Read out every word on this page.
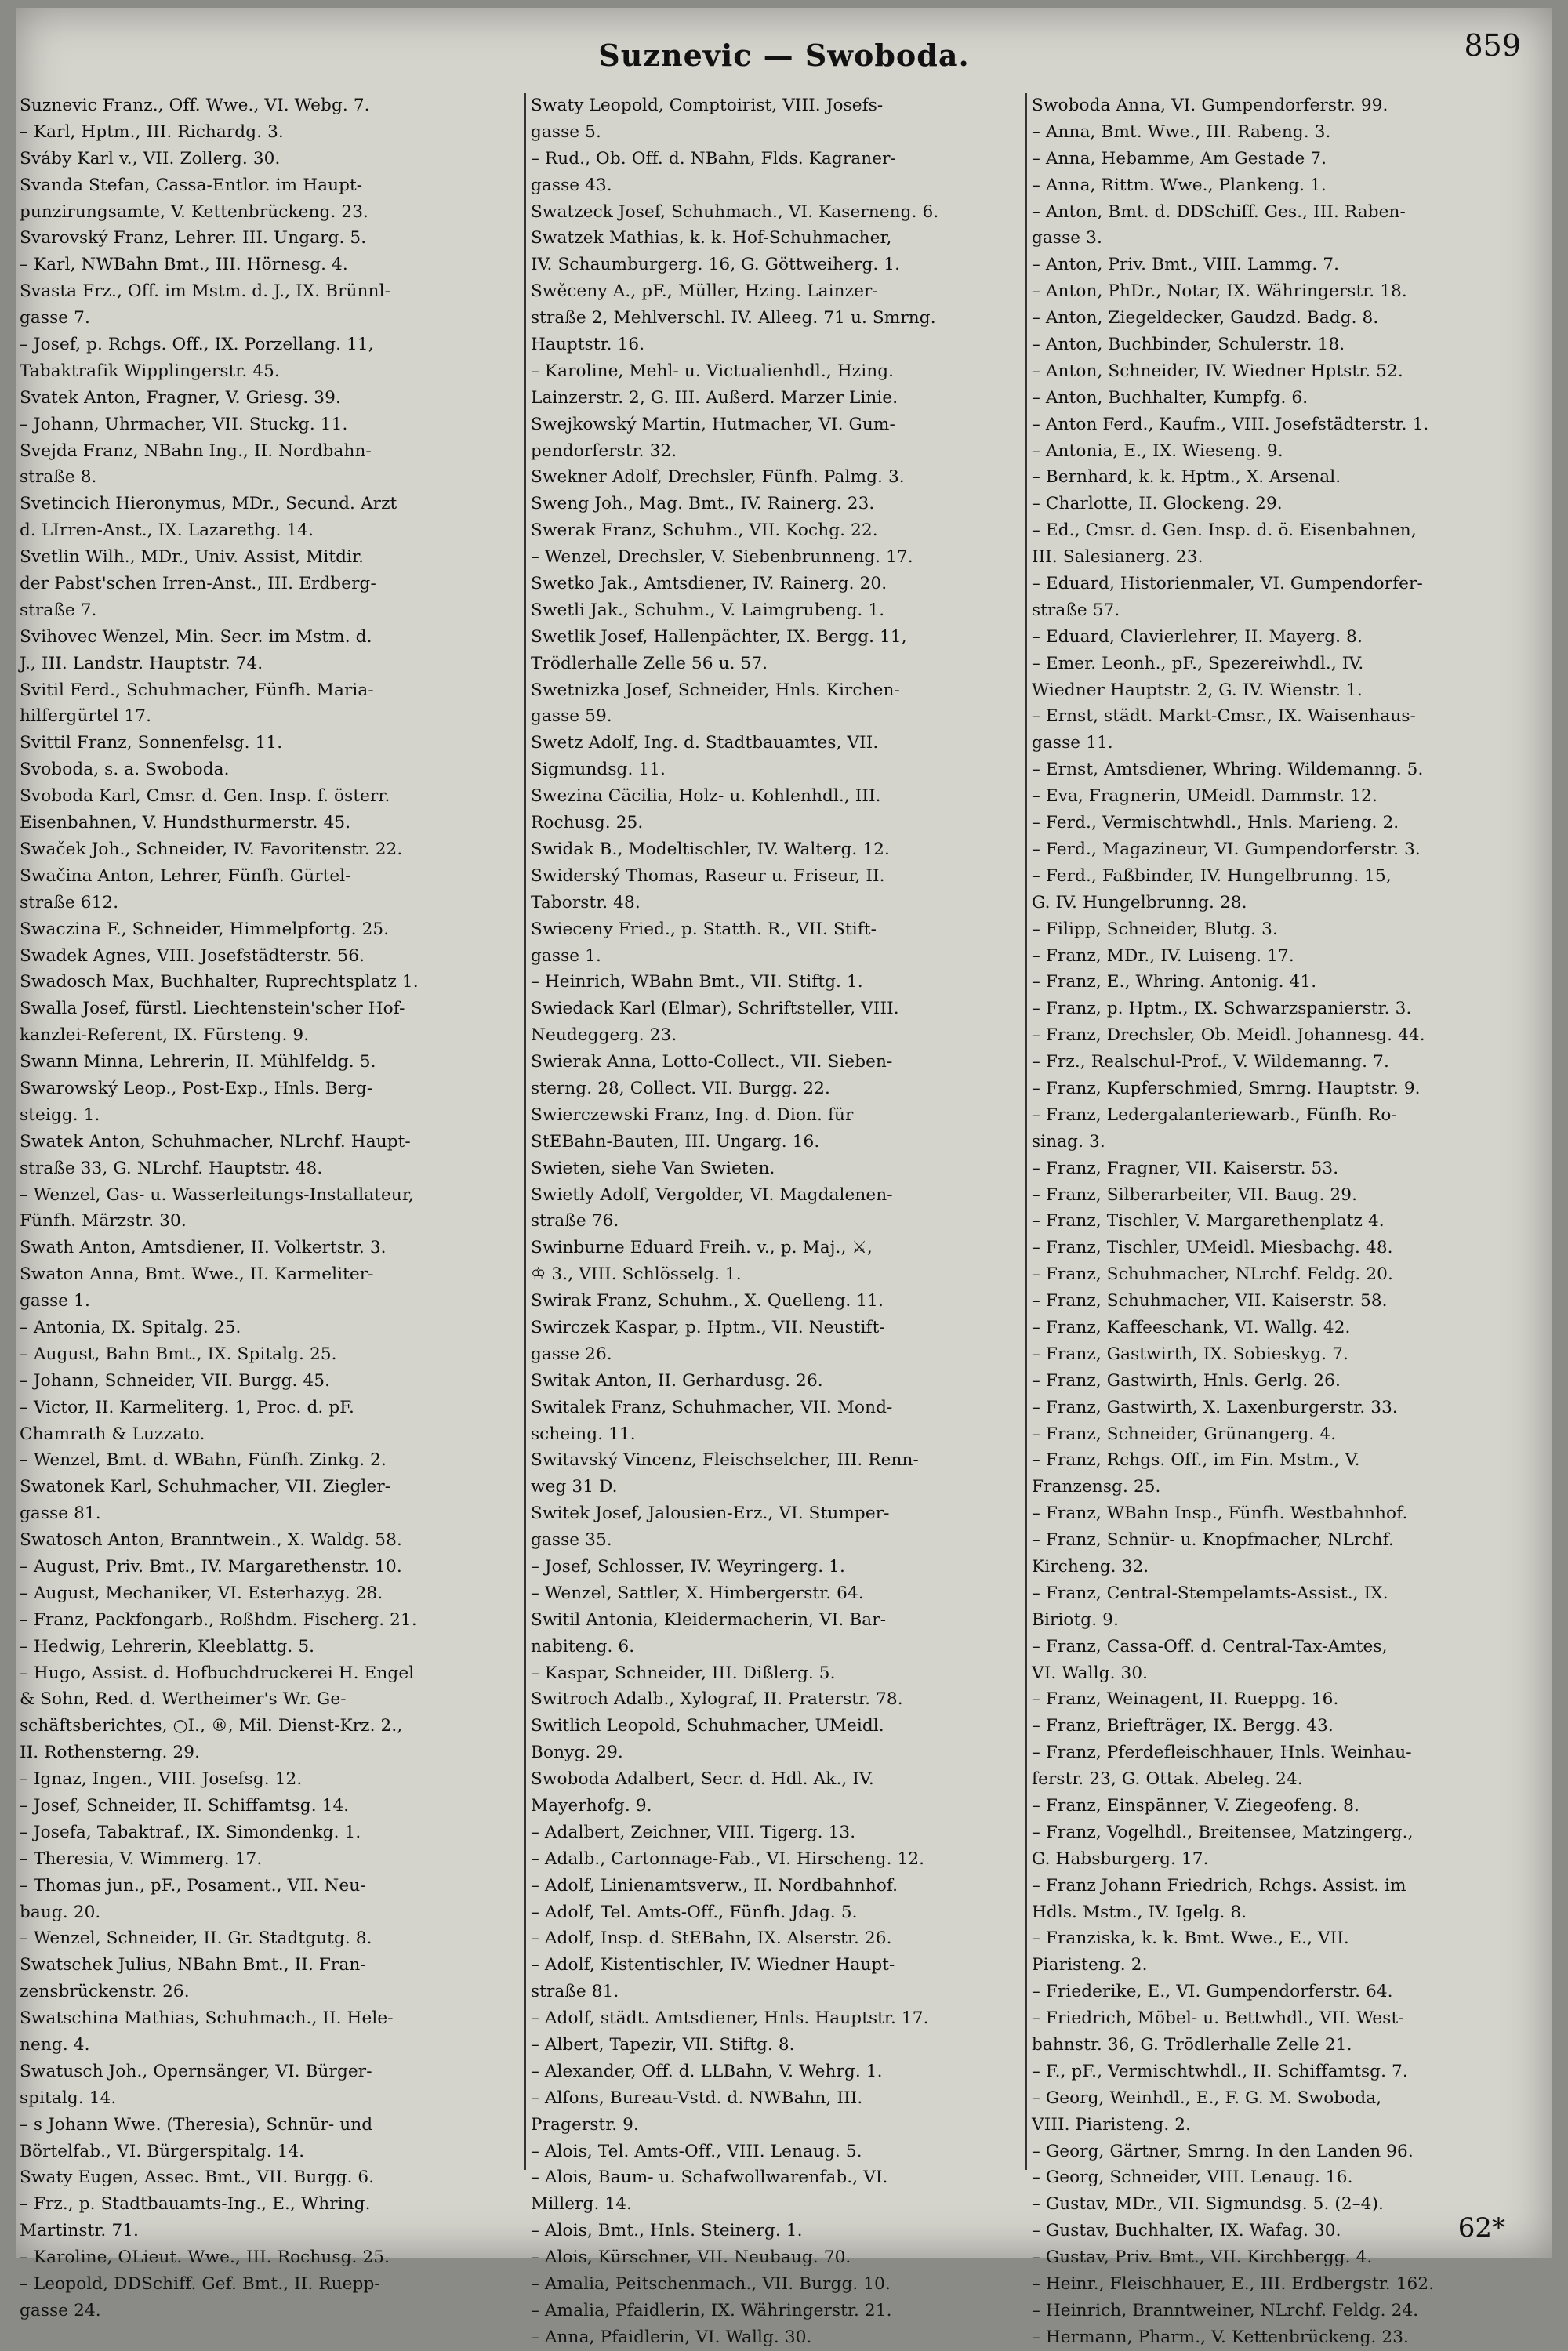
Suznevic — Swoboda.	859
Suznevic Franz., Off. Wwe., VI. Webg. 7.
– Karl, Hptm., III. Richardg. 3.
Sváby Karl v., VII. Zollerg. 30.
Svanda Stefan, Cassa-Entlor. im Haupt-
punzirungsamte, V. Kettenbrückeng. 23.
Svarovský Franz, Lehrer. III. Ungarg. 5.
– Karl, NWBahn Bmt., III. Hörnesg. 4.
Svasta Frz., Off. im Mstm. d. J., IX. Brünnl-
gasse 7.
– Josef, p. Rchgs. Off., IX. Porzellang. 11,
Tabaktrafik Wipplingerstr. 45.
Svatek Anton, Fragner, V. Griesg. 39.
– Johann, Uhrmacher, VII. Stuckg. 11.
Svejda Franz, NBahn Ing., II. Nordbahn-
straße 8.
Svetincich Hieronymus, MDr., Secund. Arzt
d. LIrren-Anst., IX. Lazarethg. 14.
Svetlin Wilh., MDr., Univ. Assist, Mitdir.
der Pabst'schen Irren-Anst., III. Erdberg-
straße 7.
Svihovec Wenzel, Min. Secr. im Mstm. d.
J., III. Landstr. Hauptstr. 74.
Svitil Ferd., Schuhmacher, Fünfh. Maria-
hilfergürtel 17.
Svittil Franz, Sonnenfelsg. 11.
Svoboda, s. a. Swoboda.
Svoboda Karl, Cmsr. d. Gen. Insp. f. österr.
Eisenbahnen, V. Hundsthurmerstr. 45.
Swaček Joh., Schneider, IV. Favoritenstr. 22.
Swačina Anton, Lehrer, Fünfh. Gürtel-
straße 612.
Swaczina F., Schneider, Himmelpfortg. 25.
Swadek Agnes, VIII. Josefstädterstr. 56.
Swadosch Max, Buchhalter, Ruprechtsplatz 1.
Swalla Josef, fürstl. Liechtenstein'scher Hof-
kanzlei-Referent, IX. Fürsteng. 9.
Swann Minna, Lehrerin, II. Mühlfeldg. 5.
Swarowský Leop., Post-Exp., Hnls. Berg-
steigg. 1.
Swatek Anton, Schuhmacher, NLrchf. Haupt-
straße 33, G. NLrchf. Hauptstr. 48.
– Wenzel, Gas- u. Wasserleitungs-Installateur,
Fünfh. Märzstr. 30.
Swath Anton, Amtsdiener, II. Volkertstr. 3.
Swaton Anna, Bmt. Wwe., II. Karmeliter-
gasse 1.
– Antonia, IX. Spitalg. 25.
– August, Bahn Bmt., IX. Spitalg. 25.
– Johann, Schneider, VII. Burgg. 45.
– Victor, II. Karmeliterg. 1, Proc. d. pF.
Chamrath & Luzzato.
– Wenzel, Bmt. d. WBahn, Fünfh. Zinkg. 2.
Swatonek Karl, Schuhmacher, VII. Ziegler-
gasse 81.
Swatosch Anton, Branntwein., X. Waldg. 58.
– August, Priv. Bmt., IV. Margarethenstr. 10.
– August, Mechaniker, VI. Esterhazyg. 28.
– Franz, Packfongarb., Roßhdm. Fischerg. 21.
– Hedwig, Lehrerin, Kleeblattg. 5.
– Hugo, Assist. d. Hofbuchdruckerei H. Engel
& Sohn, Red. d. Wertheimer's Wr. Ge-
schäftsberichtes, ○I., ®, Mil. Dienst-Krz. 2.,
II. Rothensterng. 29.
– Ignaz, Ingen., VIII. Josefsg. 12.
– Josef, Schneider, II. Schiffamtsg. 14.
– Josefa, Tabaktraf., IX. Simondenkg. 1.
– Theresia, V. Wimmerg. 17.
– Thomas jun., pF., Posament., VII. Neu-
baug. 20.
– Wenzel, Schneider, II. Gr. Stadtgutg. 8.
Swatschek Julius, NBahn Bmt., II. Fran-
zensbrückenstr. 26.
Swatschina Mathias, Schuhmach., II. Hele-
neng. 4.
Swatusch Joh., Opernsänger, VI. Bürger-
spitalg. 14.
– s Johann Wwe. (Theresia), Schnür- und
Börtelfab., VI. Bürgerspitalg. 14.
Swaty Eugen, Assec. Bmt., VII. Burgg. 6.
– Frz., p. Stadtbauamts-Ing., E., Whring.
Martinstr. 71.
– Karoline, OLieut. Wwe., III. Rochusg. 25.
– Leopold, DDSchiff. Gef. Bmt., II. Ruepp-
gasse 24.
Swaty Leopold, Comptoirist, VIII. Josefs-
gasse 5.
– Rud., Ob. Off. d. NBahn, Flds. Kagraner-
gasse 43.
Swatzeck Josef, Schuhmach., VI. Kaserneng. 6.
Swatzek Mathias, k. k. Hof-Schuhmacher,
IV. Schaumburgerg. 16, G. Göttweiherg. 1.
Swěceny A., pF., Müller, Hzing. Lainzer-
straße 2, Mehlverschl. IV. Alleeg. 71 u. Smrng.
Hauptstr. 16.
– Karoline, Mehl- u. Victualienhdl., Hzing.
Lainzerstr. 2, G. III. Außerd. Marzer Linie.
Swejkowský Martin, Hutmacher, VI. Gum-
pendorferstr. 32.
Swekner Adolf, Drechsler, Fünfh. Palmg. 3.
Sweng Joh., Mag. Bmt., IV. Rainerg. 23.
Swerak Franz, Schuhm., VII. Kochg. 22.
– Wenzel, Drechsler, V. Siebenbrunneng. 17.
Swetko Jak., Amtsdiener, IV. Rainerg. 20.
Swetli Jak., Schuhm., V. Laimgrubeng. 1.
Swetlik Josef, Hallenpächter, IX. Bergg. 11,
Trödlerhalle Zelle 56 u. 57.
Swetnizka Josef, Schneider, Hnls. Kirchen-
gasse 59.
Swetz Adolf, Ing. d. Stadtbauamtes, VII.
Sigmundsg. 11.
Swezina Cäcilia, Holz- u. Kohlenhdl., III.
Rochusg. 25.
Swidak B., Modeltischler, IV. Walterg. 12.
Swiderský Thomas, Raseur u. Friseur, II.
Taborstr. 48.
Swieceny Fried., p. Statth. R., VII. Stift-
gasse 1.
– Heinrich, WBahn Bmt., VII. Stiftg. 1.
Swiedack Karl (Elmar), Schriftsteller, VIII.
Neudeggerg. 23.
Swierak Anna, Lotto-Collect., VII. Sieben-
sterng. 28, Collect. VII. Burgg. 22.
Swierczewski Franz, Ing. d. Dion. für
StEBahn-Bauten, III. Ungarg. 16.
Swieten, siehe Van Swieten.
Swietly Adolf, Vergolder, VI. Magdalenen-
straße 76.
Swinburne Eduard Freih. v., p. Maj., ⚔,
♔ 3., VIII. Schlösselg. 1.
Swirak Franz, Schuhm., X. Quelleng. 11.
Swirczek Kaspar, p. Hptm., VII. Neustift-
gasse 26.
Switak Anton, II. Gerhardusg. 26.
Switalek Franz, Schuhmacher, VII. Mond-
scheing. 11.
Switavský Vincenz, Fleischselcher, III. Renn-
weg 31 D.
Switek Josef, Jalousien-Erz., VI. Stumper-
gasse 35.
– Josef, Schlosser, IV. Weyringerg. 1.
– Wenzel, Sattler, X. Himbergerstr. 64.
Switil Antonia, Kleidermacherin, VI. Bar-
nabiteng. 6.
– Kaspar, Schneider, III. Dißlerg. 5.
Switroch Adalb., Xylograf, II. Praterstr. 78.
Switlich Leopold, Schuhmacher, UMeidl.
Bonyg. 29.
Swoboda Adalbert, Secr. d. Hdl. Ak., IV.
Mayerhofg. 9.
– Adalbert, Zeichner, VIII. Tigerg. 13.
– Adalb., Cartonnage-Fab., VI. Hirscheng. 12.
– Adolf, Linienamtsverw., II. Nordbahnhof.
– Adolf, Tel. Amts-Off., Fünfh. Jdag. 5.
– Adolf, Insp. d. StEBahn, IX. Alserstr. 26.
– Adolf, Kistentischler, IV. Wiedner Haupt-
straße 81.
– Adolf, städt. Amtsdiener, Hnls. Hauptstr. 17.
– Albert, Tapezir, VII. Stiftg. 8.
– Alexander, Off. d. LLBahn, V. Wehrg. 1.
– Alfons, Bureau-Vstd. d. NWBahn, III.
Pragerstr. 9.
– Alois, Tel. Amts-Off., VIII. Lenaug. 5.
– Alois, Baum- u. Schafwollwarenfab., VI.
Millerg. 14.
– Alois, Bmt., Hnls. Steinerg. 1.
– Alois, Kürschner, VII. Neubaug. 70.
– Amalia, Peitschenmach., VII. Burgg. 10.
– Amalia, Pfaidlerin, IX. Währingerstr. 21.
– Anna, Pfaidlerin, VI. Wallg. 30.
Swoboda Anna, VI. Gumpendorferstr. 99.
– Anna, Bmt. Wwe., III. Rabeng. 3.
– Anna, Hebamme, Am Gestade 7.
– Anna, Rittm. Wwe., Plankeng. 1.
– Anton, Bmt. d. DDSchiff. Ges., III. Raben-
gasse 3.
– Anton, Priv. Bmt., VIII. Lammg. 7.
– Anton, PhDr., Notar, IX. Währingerstr. 18.
– Anton, Ziegeldecker, Gaudzd. Badg. 8.
– Anton, Buchbinder, Schulerstr. 18.
– Anton, Schneider, IV. Wiedner Hptstr. 52.
– Anton, Buchhalter, Kumpfg. 6.
– Anton Ferd., Kaufm., VIII. Josefstädterstr. 1.
– Antonia, E., IX. Wieseng. 9.
– Bernhard, k. k. Hptm., X. Arsenal.
– Charlotte, II. Glockeng. 29.
– Ed., Cmsr. d. Gen. Insp. d. ö. Eisenbahnen,
III. Salesianerg. 23.
– Eduard, Historienmaler, VI. Gumpendorfer-
straße 57.
– Eduard, Clavierlehrer, II. Mayerg. 8.
– Emer. Leonh., pF., Spezereiwhdl., IV.
Wiedner Hauptstr. 2, G. IV. Wienstr. 1.
– Ernst, städt. Markt-Cmsr., IX. Waisenhaus-
gasse 11.
– Ernst, Amtsdiener, Whring. Wildemanng. 5.
– Eva, Fragnerin, UMeidl. Dammstr. 12.
– Ferd., Vermischtwhdl., Hnls. Marieng. 2.
– Ferd., Magazineur, VI. Gumpendorferstr. 3.
– Ferd., Faßbinder, IV. Hungelbrunng. 15,
G. IV. Hungelbrunng. 28.
– Filipp, Schneider, Blutg. 3.
– Franz, MDr., IV. Luiseng. 17.
– Franz, E., Whring. Antonig. 41.
– Franz, p. Hptm., IX. Schwarzspanierstr. 3.
– Franz, Drechsler, Ob. Meidl. Johannesg. 44.
– Frz., Realschul-Prof., V. Wildemanng. 7.
– Franz, Kupferschmied, Smrng. Hauptstr. 9.
– Franz, Ledergalanteriewarb., Fünfh. Ro-
sinag. 3.
– Franz, Fragner, VII. Kaiserstr. 53.
– Franz, Silberarbeiter, VII. Baug. 29.
– Franz, Tischler, V. Margarethenplatz 4.
– Franz, Tischler, UMeidl. Miesbachg. 48.
– Franz, Schuhmacher, NLrchf. Feldg. 20.
– Franz, Schuhmacher, VII. Kaiserstr. 58.
– Franz, Kaffeeschank, VI. Wallg. 42.
– Franz, Gastwirth, IX. Sobieskyg. 7.
– Franz, Gastwirth, Hnls. Gerlg. 26.
– Franz, Gastwirth, X. Laxenburgerstr. 33.
– Franz, Schneider, Grünangerg. 4.
– Franz, Rchgs. Off., im Fin. Mstm., V.
Franzensg. 25.
– Franz, WBahn Insp., Fünfh. Westbahnhof.
– Franz, Schnür- u. Knopfmacher, NLrchf.
Kircheng. 32.
– Franz, Central-Stempelamts-Assist., IX.
Biriotg. 9.
– Franz, Cassa-Off. d. Central-Tax-Amtes,
VI. Wallg. 30.
– Franz, Weinagent, II. Rueppg. 16.
– Franz, Briefträger, IX. Bergg. 43.
– Franz, Pferdefleischhauer, Hnls. Weinhau-
ferstr. 23, G. Ottak. Abeleg. 24.
– Franz, Einspänner, V. Ziegeofeng. 8.
– Franz, Vogelhdl., Breitensee, Matzingerg.,
G. Habsburgerg. 17.
– Franz Johann Friedrich, Rchgs. Assist. im
Hdls. Mstm., IV. Igelg. 8.
– Franziska, k. k. Bmt. Wwe., E., VII.
Piaristeng. 2.
– Friederike, E., VI. Gumpendorferstr. 64.
– Friedrich, Möbel- u. Bettwhdl., VII. West-
bahnstr. 36, G. Trödlerhalle Zelle 21.
– F., pF., Vermischtwhdl., II. Schiffamtsg. 7.
– Georg, Weinhdl., E., F. G. M. Swoboda,
VIII. Piaristeng. 2.
– Georg, Gärtner, Smrng. In den Landen 96.
– Georg, Schneider, VIII. Lenaug. 16.
– Gustav, MDr., VII. Sigmundsg. 5. (2–4).
– Gustav, Buchhalter, IX. Wafag. 30.
– Gustav, Priv. Bmt., VII. Kirchbergg. 4.
– Heinr., Fleischhauer, E., III. Erdbergstr. 162.
– Heinrich, Branntweiner, NLrchf. Feldg. 24.
– Hermann, Pharm., V. Kettenbrückeng. 23.
62*
